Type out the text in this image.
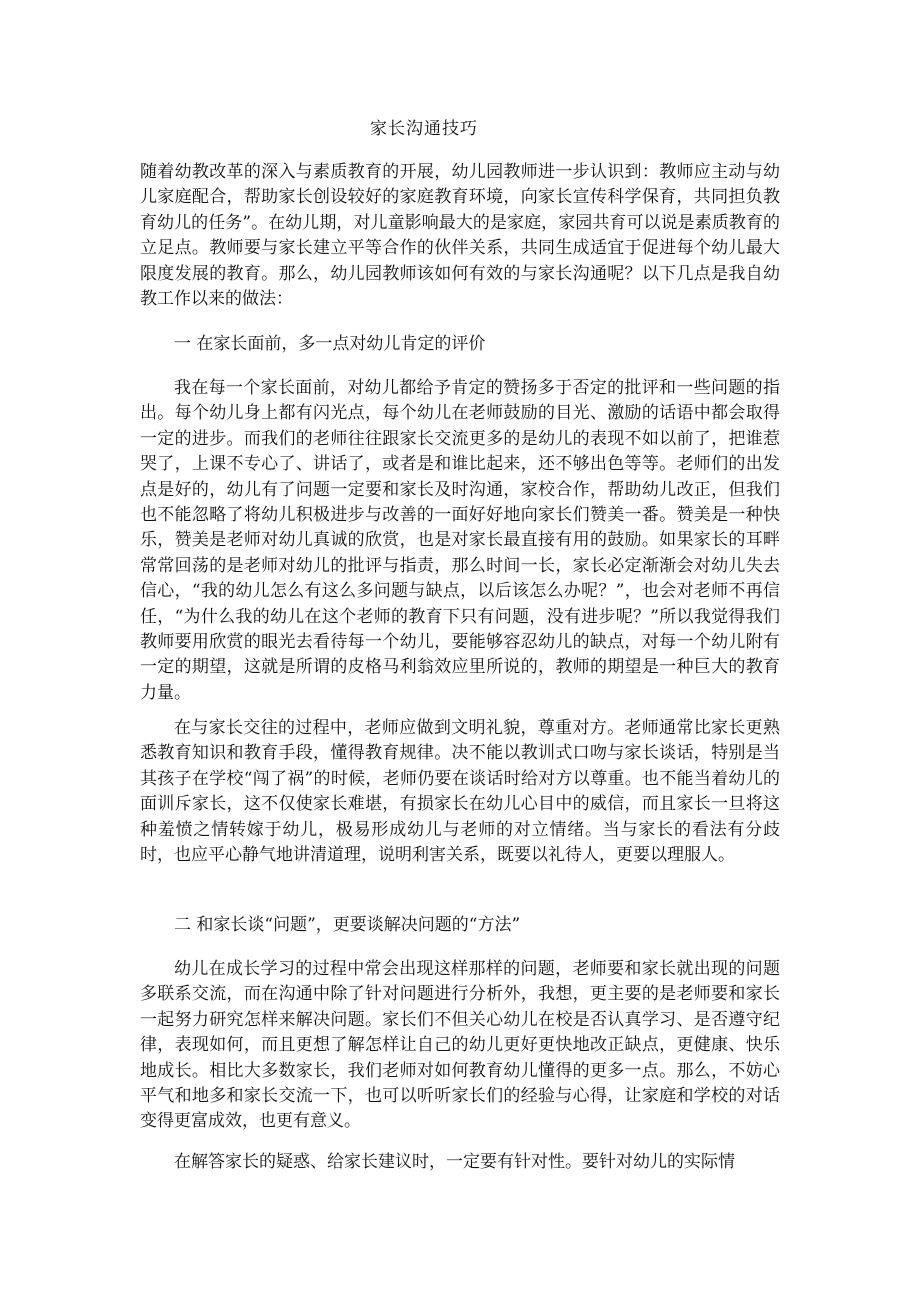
家长沟通技巧
随着幼教改革的深入与素质教育的开展，幼儿园教师进一步认识到：教师应主动与幼儿家庭配合，帮助家长创设较好的家庭教育环境，向家长宣传科学保育，共同担负教育幼儿的任务”。在幼儿期，对儿童影响最大的是家庭，家园共育可以说是素质教育的立足点。教师要与家长建立平等合作的伙伴关系，共同生成适宜于促进每个幼儿最大限度发展的教育。那么，幼儿园教师该如何有效的与家长沟通呢？以下几点是我自幼教工作以来的做法：
一 在家长面前，多一点对幼儿肯定的评价
我在每一个家长面前，对幼儿都给予肯定的赞扬多于否定的批评和一些问题的指出。每个幼儿身上都有闪光点，每个幼儿在老师鼓励的目光、激励的话语中都会取得一定的进步。而我们的老师往往跟家长交流更多的是幼儿的表现不如以前了，把谁惹哭了，上课不专心了、讲话了，或者是和谁比起来，还不够出色等等。老师们的出发点是好的，幼儿有了问题一定要和家长及时沟通，家校合作，帮助幼儿改正，但我们也不能忽略了将幼儿积极进步与改善的一面好好地向家长们赞美一番。赞美是一种快乐，赞美是老师对幼儿真诚的欣赏，也是对家长最直接有用的鼓励。如果家长的耳畔常常回荡的是老师对幼儿的批评与指责，那么时间一长，家长必定渐渐会对幼儿失去信心，“我的幼儿怎么有这么多问题与缺点，以后该怎么办呢？”，也会对老师不再信任，“为什么我的幼儿在这个老师的教育下只有问题，没有进步呢？”所以我觉得我们教师要用欣赏的眼光去看待每一个幼儿，要能够容忍幼儿的缺点，对每一个幼儿附有一定的期望，这就是所谓的皮格马利翁效应里所说的，教师的期望是一种巨大的教育力量。
在与家长交往的过程中，老师应做到文明礼貌，尊重对方。老师通常比家长更熟悉教育知识和教育手段，懂得教育规律。决不能以教训式口吻与家长谈话，特别是当其孩子在学校“闯了祸”的时候，老师仍要在谈话时给对方以尊重。也不能当着幼儿的面训斥家长，这不仅使家长难堪，有损家长在幼儿心目中的威信，而且家长一旦将这种羞愤之情转嫁于幼儿，极易形成幼儿与老师的对立情绪。当与家长的看法有分歧时，也应平心静气地讲清道理，说明利害关系，既要以礼待人，更要以理服人。
二 和家长谈“问题”，更要谈解决问题的“方法”
幼儿在成长学习的过程中常会出现这样那样的问题，老师要和家长就出现的问题多联系交流，而在沟通中除了针对问题进行分析外，我想，更主要的是老师要和家长一起努力研究怎样来解决问题。家长们不但关心幼儿在校是否认真学习、是否遵守纪律，表现如何，而且更想了解怎样让自己的幼儿更好更快地改正缺点，更健康、快乐地成长。相比大多数家长，我们老师对如何教育幼儿懂得的更多一点。那么，不妨心平气和地多和家长交流一下，也可以听听家长们的经验与心得，让家庭和学校的对话变得更富成效，也更有意义。
在解答家长的疑惑、给家长建议时，一定要有针对性。要针对幼儿的实际情
